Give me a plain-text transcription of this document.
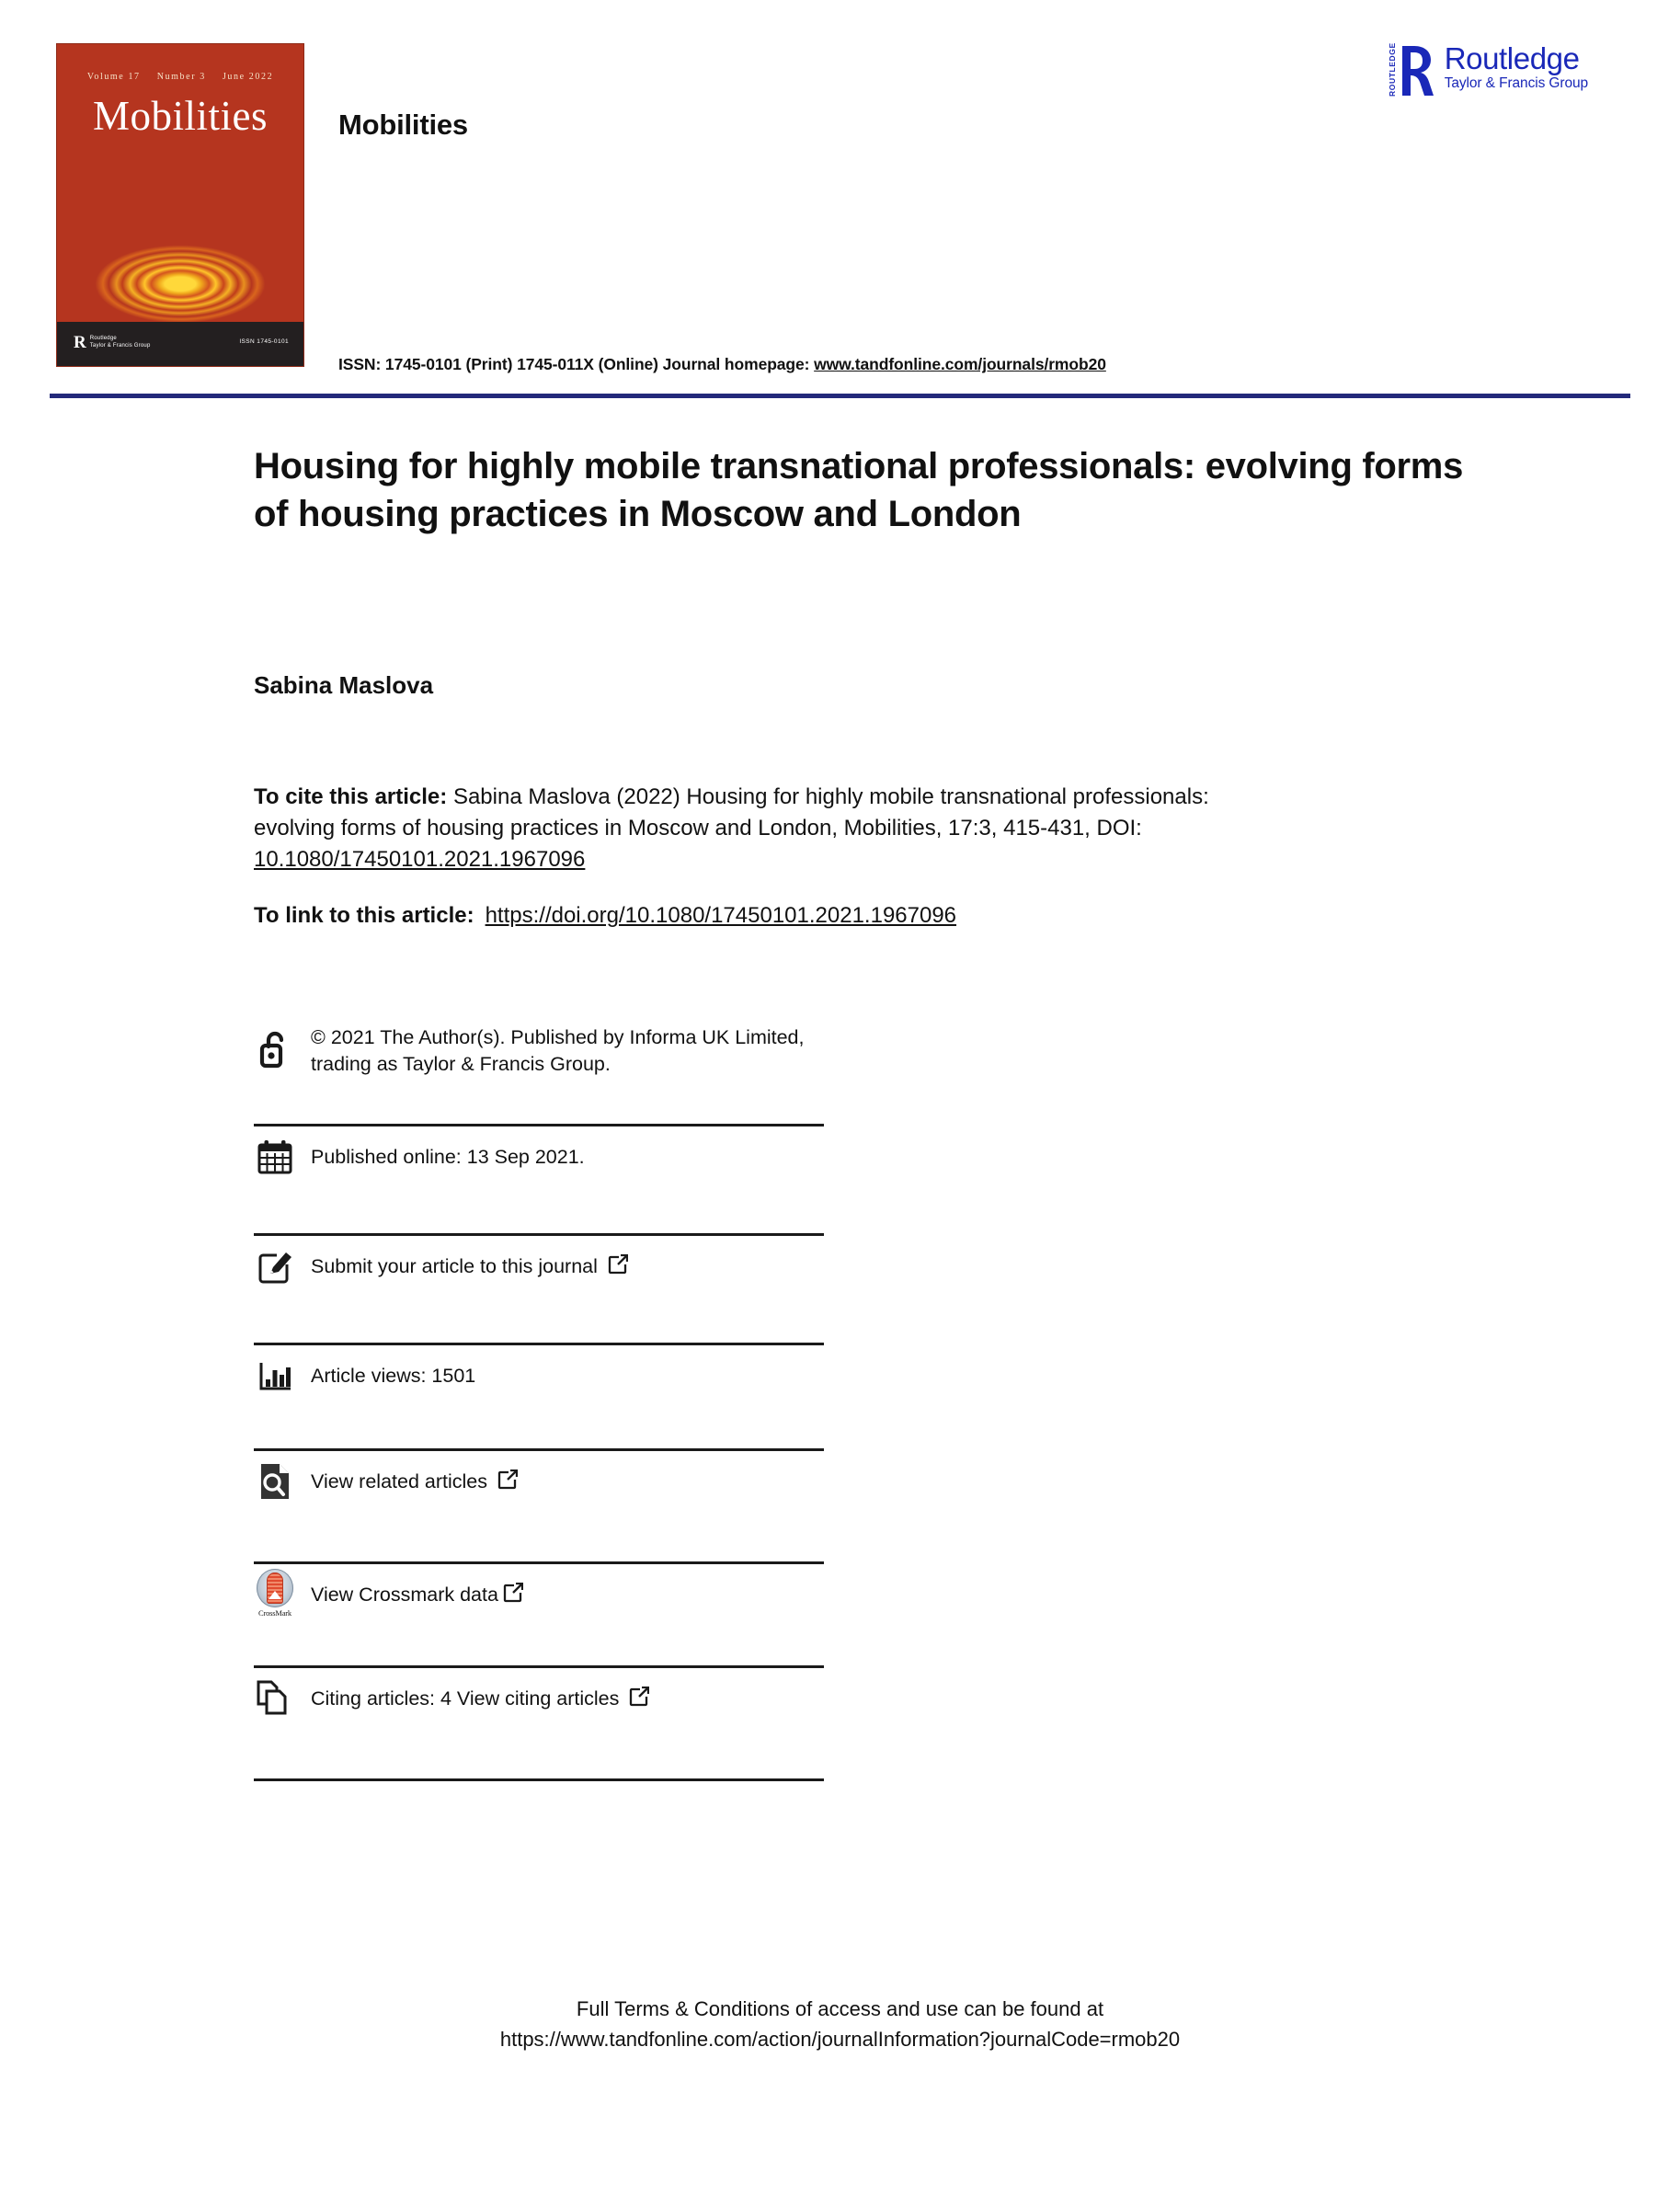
Volume 17 Number 3 June 2022
Mobilities
R Routledge
Taylor & Francis Group
ISSN 1745-0101
Mobilities
ROUTLEDGE Routledge
Taylor & Francis Group
ISSN: 1745-0101 (Print) 1745-011X (Online) Journal homepage: www.tandfonline.com/journals/rmob20
Housing for highly mobile transnational professionals: evolving forms of housing practices in Moscow and London
Sabina Maslova
To cite this article: Sabina Maslova (2022) Housing for highly mobile transnational professionals: evolving forms of housing practices in Moscow and London, Mobilities, 17:3, 415-431, DOI: 10.1080/17450101.2021.1967096
To link to this article: https://doi.org/10.1080/17450101.2021.1967096
© 2021 The Author(s). Published by Informa UK Limited, trading as Taylor & Francis Group.
Published online: 13 Sep 2021.
Submit your article to this journal
Article views: 1501
View related articles
CrossMark
View Crossmark data
Citing articles: 4 View citing articles
Full Terms & Conditions of access and use can be found at
https://www.tandfonline.com/action/journalInformation?journalCode=rmob20
